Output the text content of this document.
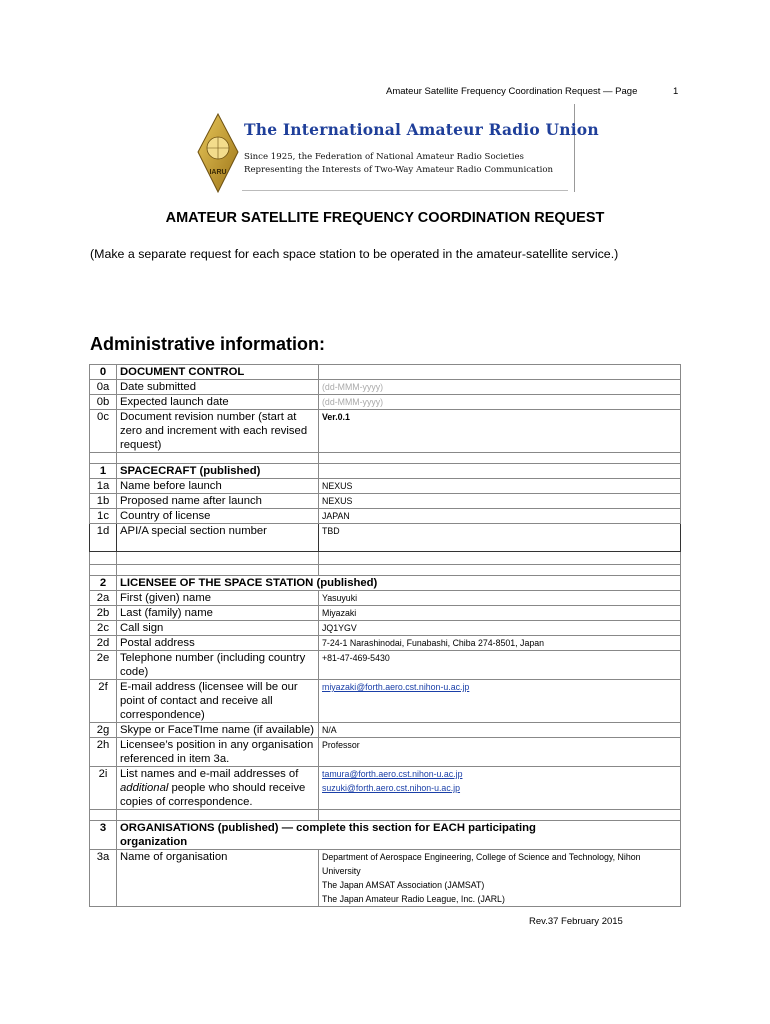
Amateur Satellite Frequency Coordination Request — Page	1
IARU
The International Amateur Radio Union
Since 1925, the Federation of National Amateur Radio Societies
Representing the Interests of Two-Way Amateur Radio Communication
AMATEUR SATELLITE FREQUENCY COORDINATION REQUEST
(Make a separate request for each space station to be operated in the amateur-satellite service.)
Administrative information:
0	DOCUMENT CONTROL	
0a	Date submitted	(dd-MMM-yyyy)
0b	Expected launch date	(dd-MMM-yyyy)
0c	Document revision number (start at zero and increment with each revised request)	Ver.0.1

1	SPACECRAFT (published)	
1a	Name before launch	NEXUS
1b	Proposed name after launch	NEXUS
1c	Country of license	JAPAN
1d	API/A special section number	TBD

2	LICENSEE OF THE SPACE STATION (published)	
2a	First (given) name	Yasuyuki
2b	Last (family) name	Miyazaki
2c	Call sign	JQ1YGV
2d	Postal address	7-24-1 Narashinodai, Funabashi, Chiba 274-8501, Japan
2e	Telephone number (including country code)	+81-47-469-5430
2f	E-mail address (licensee will be our point of contact and receive all correspondence)	miyazaki@forth.aero.cst.nihon-u.ac.jp
2g	Skype or FaceTIme name (if available)	N/A
2h	Licensee’s position in any organisation referenced in item 3a.	Professor
2i	List names and e-mail addresses of additional people who should receive copies of correspondence.	tamura@forth.aero.cst.nihon-u.ac.jp
suzuki@forth.aero.cst.nihon-u.ac.jp

3	ORGANISATIONS (published) — complete this section for EACH participating organization	
3a	Name of organisation	Department of Aerospace Engineering, College of Science and Technology, Nihon University
The Japan AMSAT Association (JAMSAT)
The Japan Amateur Radio League, Inc. (JARL)
Rev.37 February 2015
